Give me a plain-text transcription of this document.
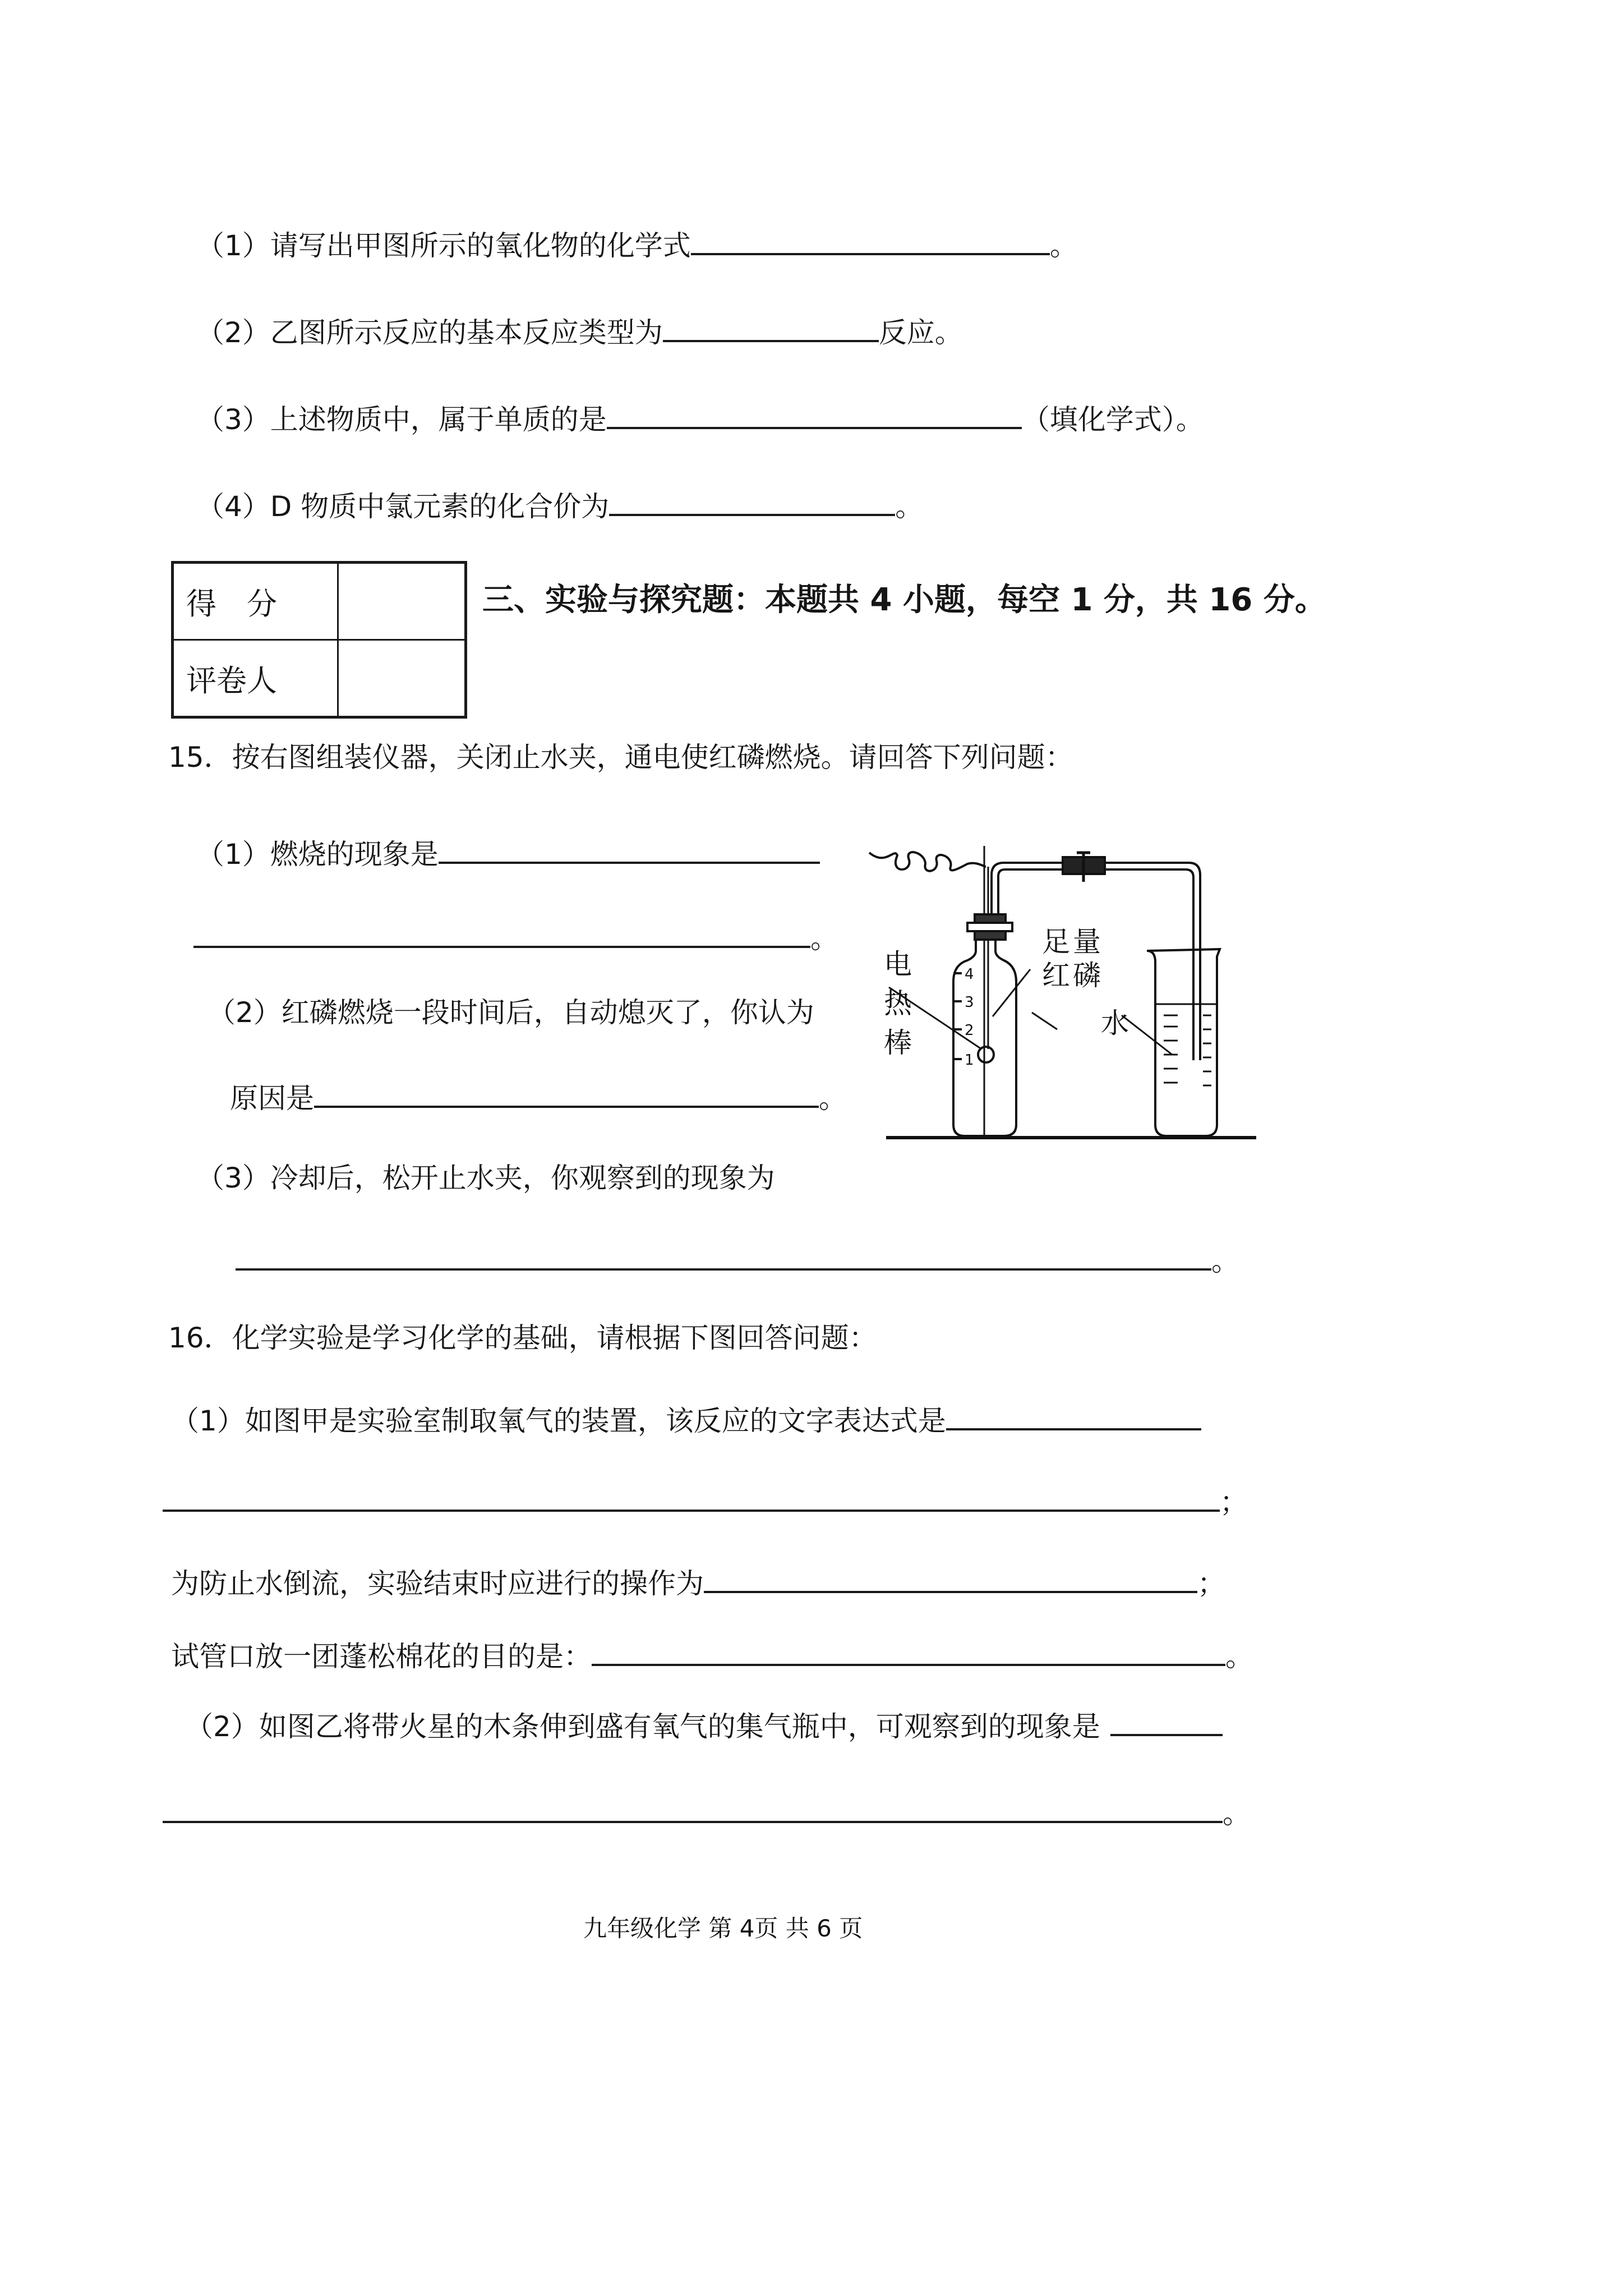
（1）请写出甲图所示的氧化物的化学式	。
（2）乙图所示反应的基本反应类型为	反应。
（3）上述物质中，属于单质的是	（填化学式）。
（4）D 物质中氯元素的化合价为	。
得　分	
评卷人	
三、实验与探究题：本题共 4 小题，每空 1 分，共 16 分。
15．按右图组装仪器，关闭止水夹，通电使红磷燃烧。请回答下列问题：
（1）燃烧的现象是
。
（2）红磷燃烧一段时间后，自动熄灭了，你认为
原因是	。
（3）冷却后，松开止水夹，你观察到的现象为
。
4
3
2
1
电
热
棒
足 量
红 磷
水
16．化学实验是学习化学的基础，请根据下图回答问题：
（1）如图甲是实验室制取氧气的装置，该反应的文字表达式是
；
为防止水倒流，实验结束时应进行的操作为	；
试管口放一团蓬松棉花的目的是：	。
（2）如图乙将带火星的木条伸到盛有氧气的集气瓶中，可观察到的现象是
。
九年级化学 第 4页 共 6 页
